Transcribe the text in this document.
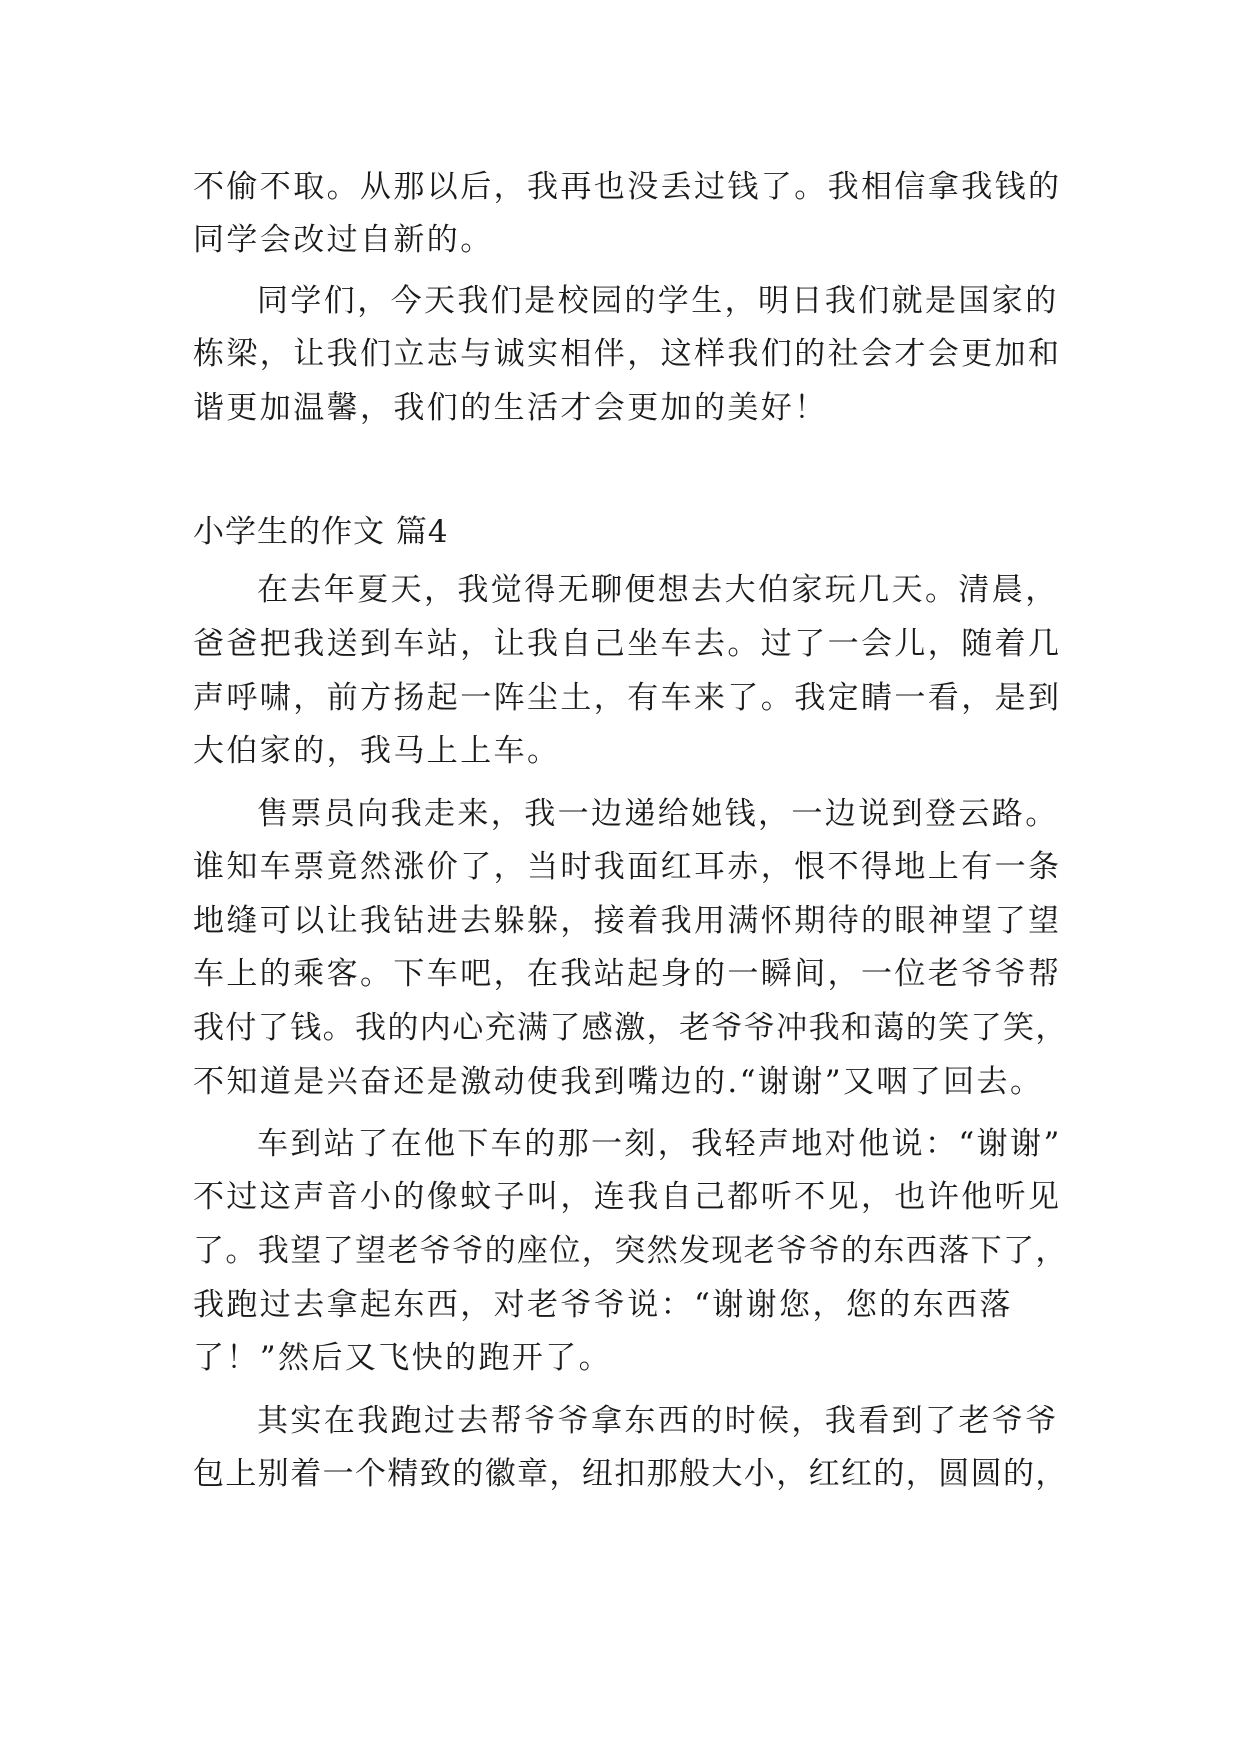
不偷不取。从那以后，我再也没丢过钱了。我相信拿我钱的
同学会改过自新的。
同学们，今天我们是校园的学生，明日我们就是国家的
栋梁，让我们立志与诚实相伴，这样我们的社会才会更加和
谐更加温馨，我们的生活才会更加的美好！
小学生的作文 篇4
在去年夏天，我觉得无聊便想去大伯家玩几天。清晨，
爸爸把我送到车站，让我自己坐车去。过了一会儿，随着几
声呼啸，前方扬起一阵尘土，有车来了。我定睛一看，是到
大伯家的，我马上上车。
售票员向我走来，我一边递给她钱，一边说到登云路。
谁知车票竟然涨价了，当时我面红耳赤，恨不得地上有一条
地缝可以让我钻进去躲躲，接着我用满怀期待的眼神望了望
车上的乘客。下车吧，在我站起身的一瞬间，一位老爷爷帮
我付了钱。我的内心充满了感激，老爷爷冲我和蔼的笑了笑，
不知道是兴奋还是激动使我到嘴边的.“谢谢”又咽了回去。
车到站了在他下车的那一刻，我轻声地对他说：“谢谢”
不过这声音小的像蚊子叫，连我自己都听不见，也许他听见
了。我望了望老爷爷的座位，突然发现老爷爷的东西落下了，
我跑过去拿起东西，对老爷爷说：“谢谢您，您的东西落
了！”然后又飞快的跑开了。
其实在我跑过去帮爷爷拿东西的时候，我看到了老爷爷
包上别着一个精致的徽章，纽扣那般大小，红红的，圆圆的，
